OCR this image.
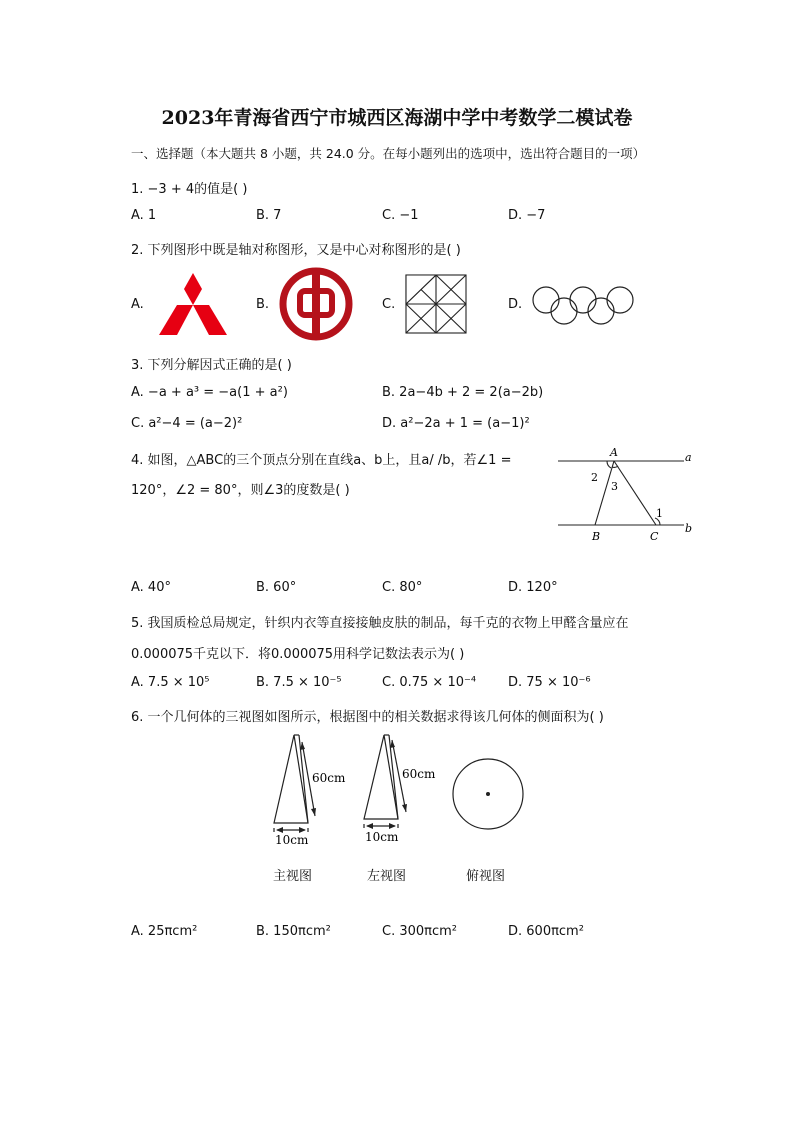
2023年青海省西宁市城西区海湖中学中考数学二模试卷
一、选择题（本大题共 8 小题，共 24.0 分。在每小题列出的选项中，选出符合题目的一项）
1. −3 + 4的值是( )
A. 1	B. 7	C. −1	D. −7
2. 下列图形中既是轴对称图形，又是中心对称图形的是( )
A.	B.	C.	D.
3. 下列分解因式正确的是( )
A. −a + a³ = −a(1 + a²)	B. 2a−4b + 2 = 2(a−2b)
C. a²−4 = (a−2)²	D. a²−2a + 1 = (a−1)²
4. 如图，△ABC的三个顶点分别在直线a、b上，且a/ /b，若∠1 =
120°，∠2 = 80°，则∠3的度数是( )
A	a
B	C
b
1
2
3
A. 40°	B. 60°	C. 80°	D. 120°
5. 我国质检总局规定，针织内衣等直接接触皮肤的制品，每千克的衣物上甲醛含量应在
0.000075千克以下．将0.000075用科学记数法表示为( )
A. 7.5 × 10⁵	B. 7.5 × 10⁻⁵	C. 0.75 × 10⁻⁴ D. 75 × 10⁻⁶
6. 一个几何体的三视图如图所示，根据图中的相关数据求得该几何体的侧面积为( )
60cm
10cm
60cm
10cm
主视图	左视图	俯视图
A. 25πcm²	B. 150πcm²	C. 300πcm²	D. 600πcm²
